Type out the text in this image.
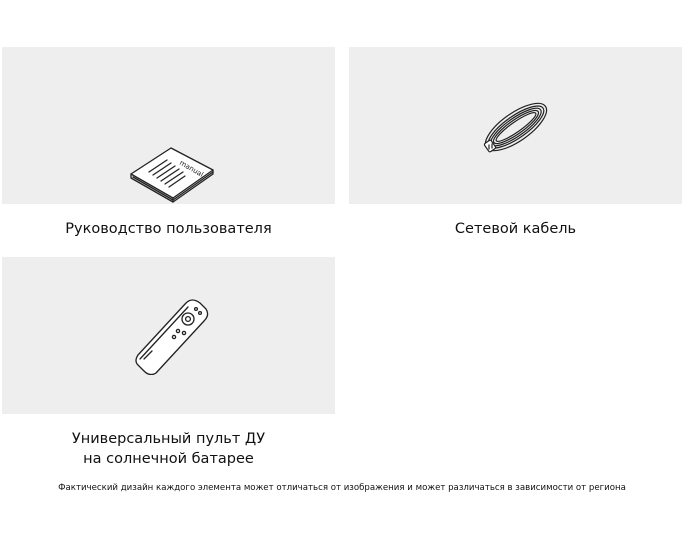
manual
Руководство пользователя	Сетевой кабель
Универсальный пульт ДУ
на солнечной батарее
Фактический дизайн каждого элемента может отличаться от изображения и может различаться в зависимости от региона
